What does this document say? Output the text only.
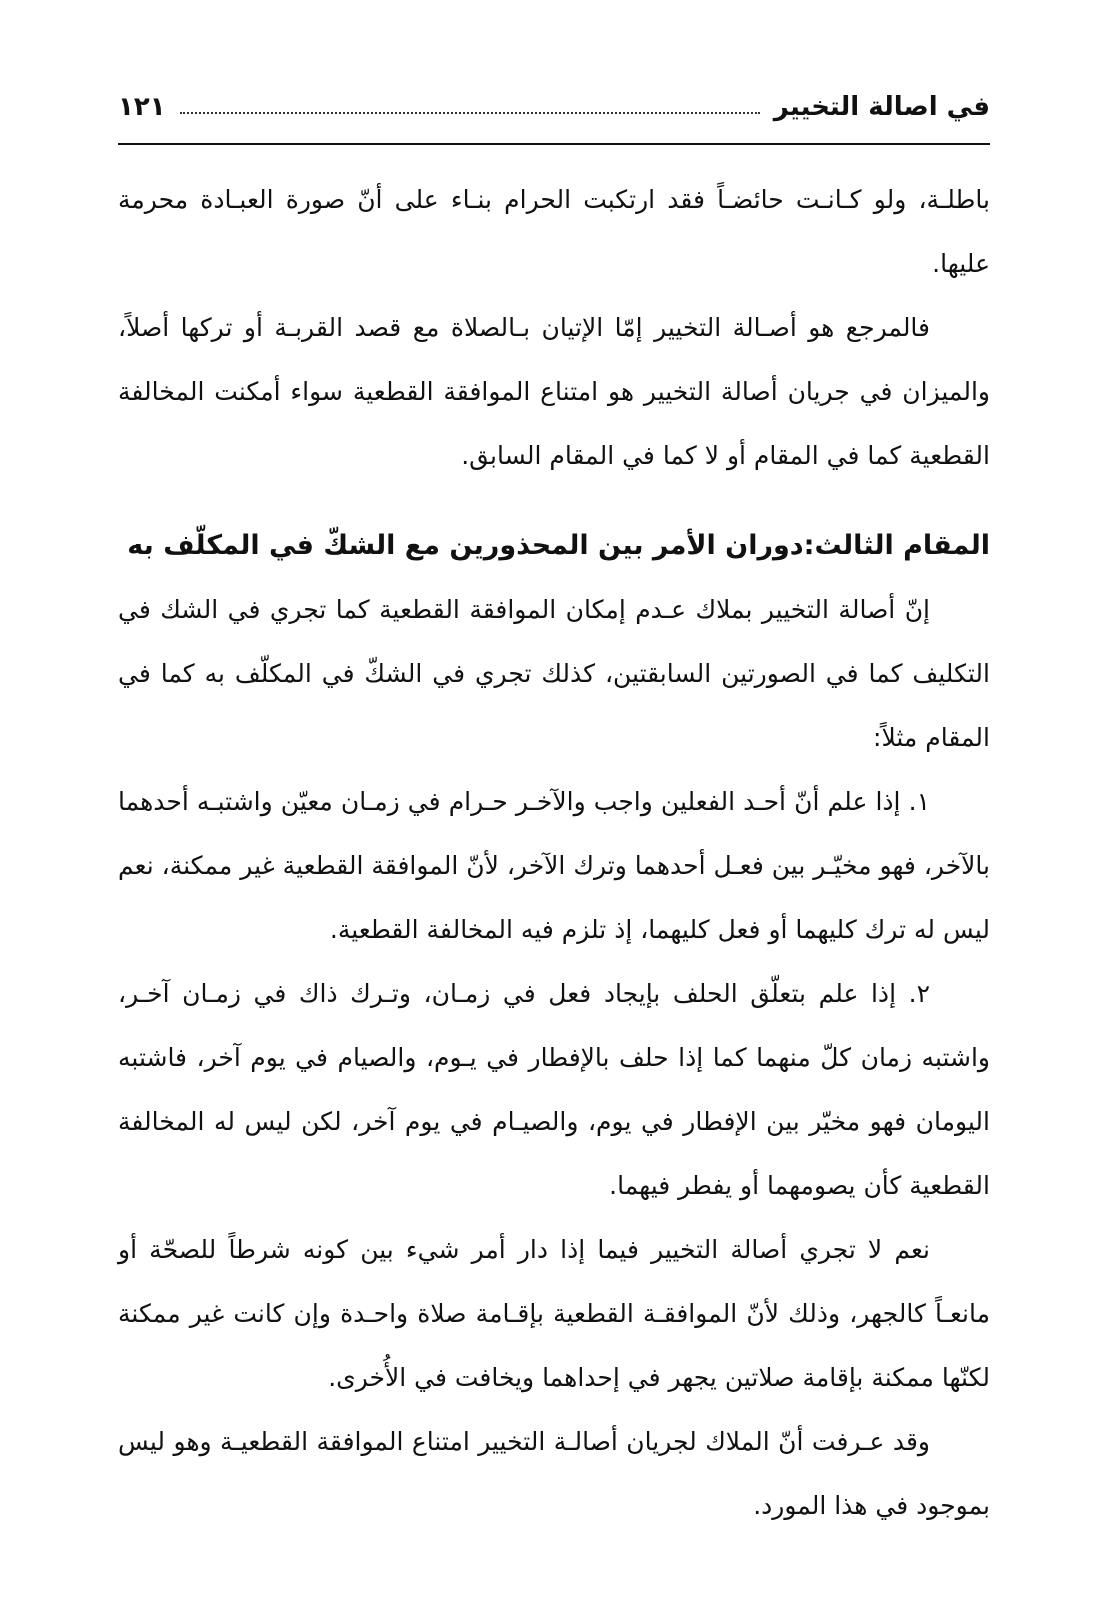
في اصالة التخيير
١٢١

باطلـة، ولو كـانـت حائضـاً فقد ارتكبت الحرام بنـاء على أنّ صورة العبـادة محرمة عليها.

فالمرجع هو أصـالة التخيير إمّا الإتيان بـالصلاة مع قصد القربـة أو تركها أصلاً، والميزان في جريان أصالة التخيير هو امتناع الموافقة القطعية سواء أمكنت المخالفة القطعية كما في المقام أو لا كما في المقام السابق.

المقام الثالث:دوران الأمر بين المحذورين مع الشكّ في المكلّف به

إنّ أصالة التخيير بملاك عـدم إمكان الموافقة القطعية كما تجري في الشك في التكليف كما في الصورتين السابقتين، كذلك تجري في الشكّ في المكلّف به كما في المقام مثلاً:

١. إذا علم أنّ أحـد الفعلين واجب والآخـر حـرام في زمـان معيّن واشتبـه أحدهما بالآخر، فهو مخيّـر بين فعـل أحدهما وترك الآخر، لأنّ الموافقة القطعية غير ممكنة، نعم ليس له ترك كليهما أو فعل كليهما، إذ تلزم فيه المخالفة القطعية.

٢. إذا علم بتعلّق الحلف بإيجاد فعل في زمـان، وتـرك ذاك في زمـان آخـر، واشتبه زمان كلّ منهما كما إذا حلف بالإفطار في يـوم، والصيام في يوم آخر، فاشتبه اليومان فهو مخيّر بين الإفطار في يوم، والصيـام في يوم آخر، لكن ليس له المخالفة القطعية كأن يصومهما أو يفطر فيهما.

نعم لا تجري أصالة التخيير فيما إذا دار أمر شيء بين كونه شرطاً للصحّة أو مانعـاً كالجهر، وذلك لأنّ الموافقـة القطعية بإقـامة صلاة واحـدة وإن كانت غير ممكنة لكنّها ممكنة بإقامة صلاتين يجهر في إحداهما ويخافت في الأُخرى.

وقد عـرفت أنّ الملاك لجريان أصالـة التخيير امتناع الموافقة القطعيـة وهو ليس بموجود في هذا المورد.
